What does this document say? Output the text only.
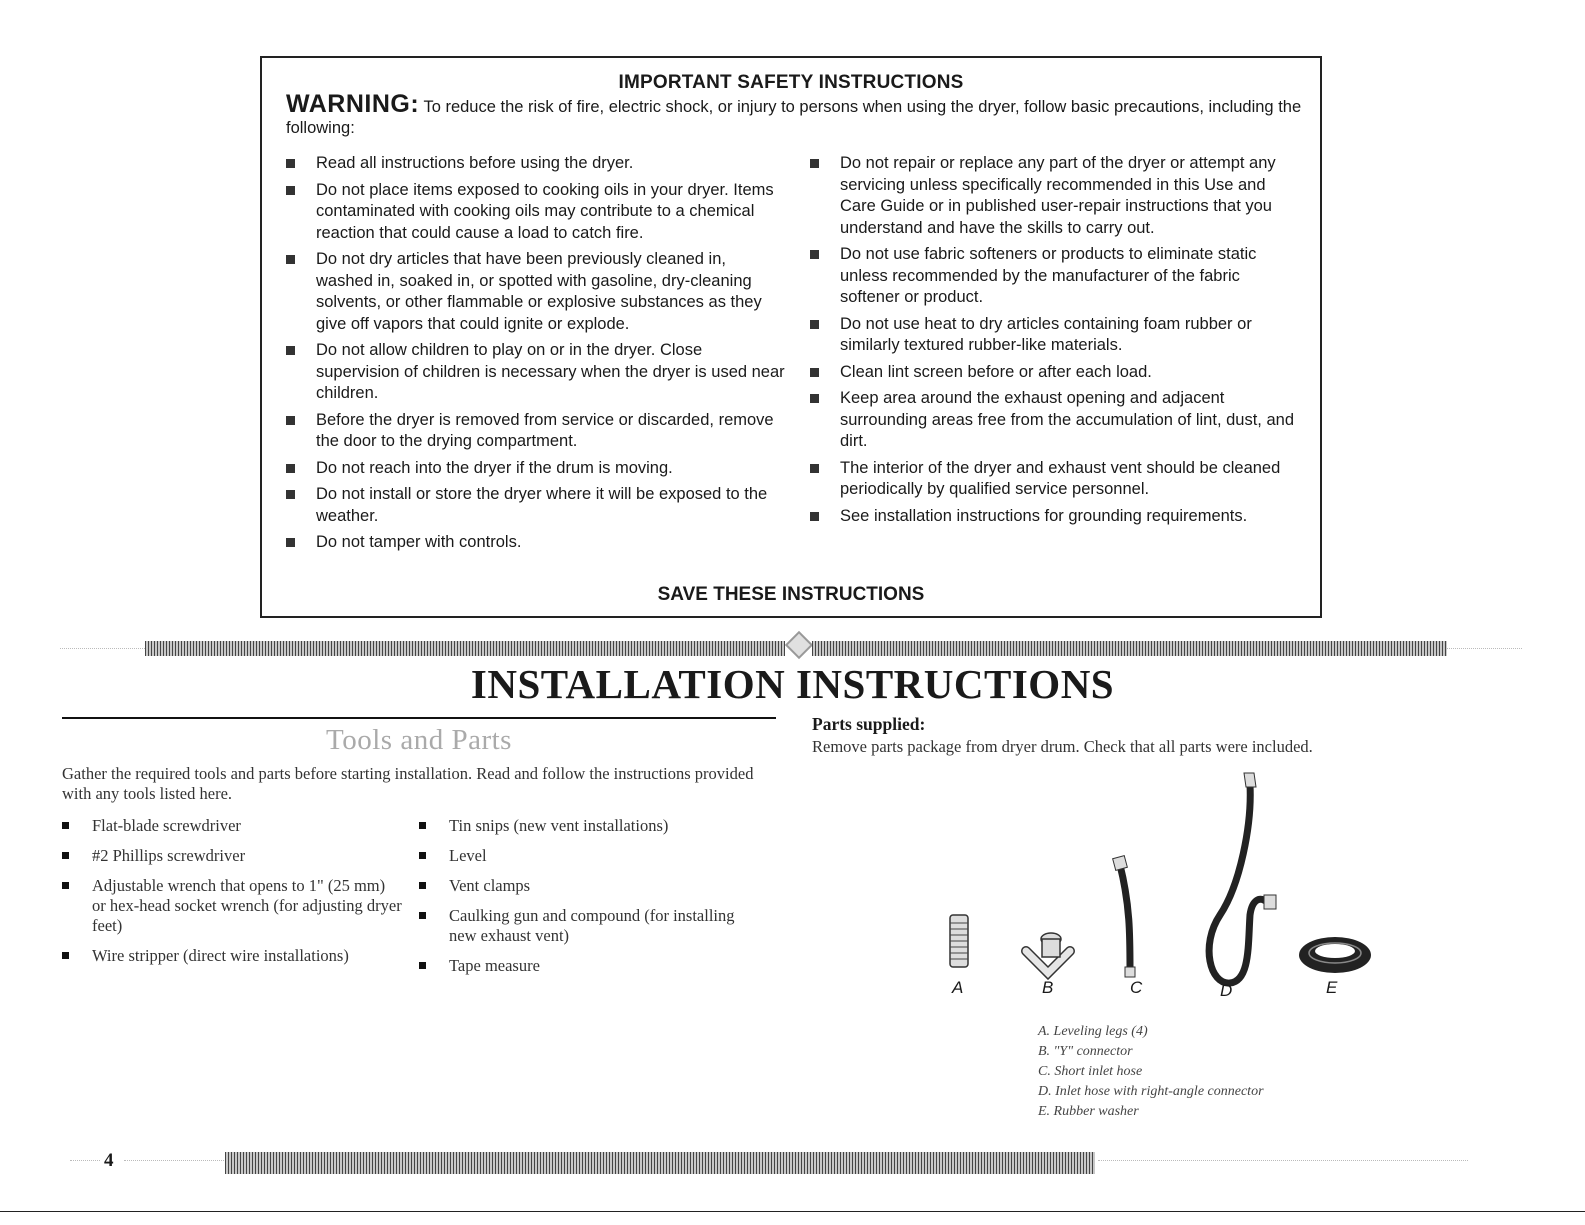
IMPORTANT SAFETY INSTRUCTIONS
WARNING: To reduce the risk of fire, electric shock, or injury to persons when using the dryer, follow basic precautions, including the following:
Read all instructions before using the dryer.
Do not place items exposed to cooking oils in your dryer. Items contaminated with cooking oils may contribute to a chemical reaction that could cause a load to catch fire.
Do not dry articles that have been previously cleaned in, washed in, soaked in, or spotted with gasoline, dry-cleaning solvents, or other flammable or explosive substances as they give off vapors that could ignite or explode.
Do not allow children to play on or in the dryer. Close supervision of children is necessary when the dryer is used near children.
Before the dryer is removed from service or discarded, remove the door to the drying compartment.
Do not reach into the dryer if the drum is moving.
Do not install or store the dryer where it will be exposed to the weather.
Do not tamper with controls.
Do not repair or replace any part of the dryer or attempt any servicing unless specifically recommended in this Use and Care Guide or in published user-repair instructions that you understand and have the skills to carry out.
Do not use fabric softeners or products to eliminate static unless recommended by the manufacturer of the fabric softener or product.
Do not use heat to dry articles containing foam rubber or similarly textured rubber-like materials.
Clean lint screen before or after each load.
Keep area around the exhaust opening and adjacent surrounding areas free from the accumulation of lint, dust, and dirt.
The interior of the dryer and exhaust vent should be cleaned periodically by qualified service personnel.
See installation instructions for grounding requirements.
SAVE THESE INSTRUCTIONS
INSTALLATION INSTRUCTIONS
Tools and Parts
Gather the required tools and parts before starting installation. Read and follow the instructions provided with any tools listed here.
Flat-blade screwdriver
#2 Phillips screwdriver
Adjustable wrench that opens to 1" (25 mm) or hex-head socket wrench (for adjusting dryer feet)
Wire stripper (direct wire installations)
Tin snips (new vent installations)
Level
Vent clamps
Caulking gun and compound (for installing new exhaust vent)
Tape measure
Parts supplied:
Remove parts package from dryer drum. Check that all parts were included.
A	B	C	D	E
A. Leveling legs (4)
B. "Y" connector
C. Short inlet hose
D. Inlet hose with right-angle connector
E. Rubber washer
4
